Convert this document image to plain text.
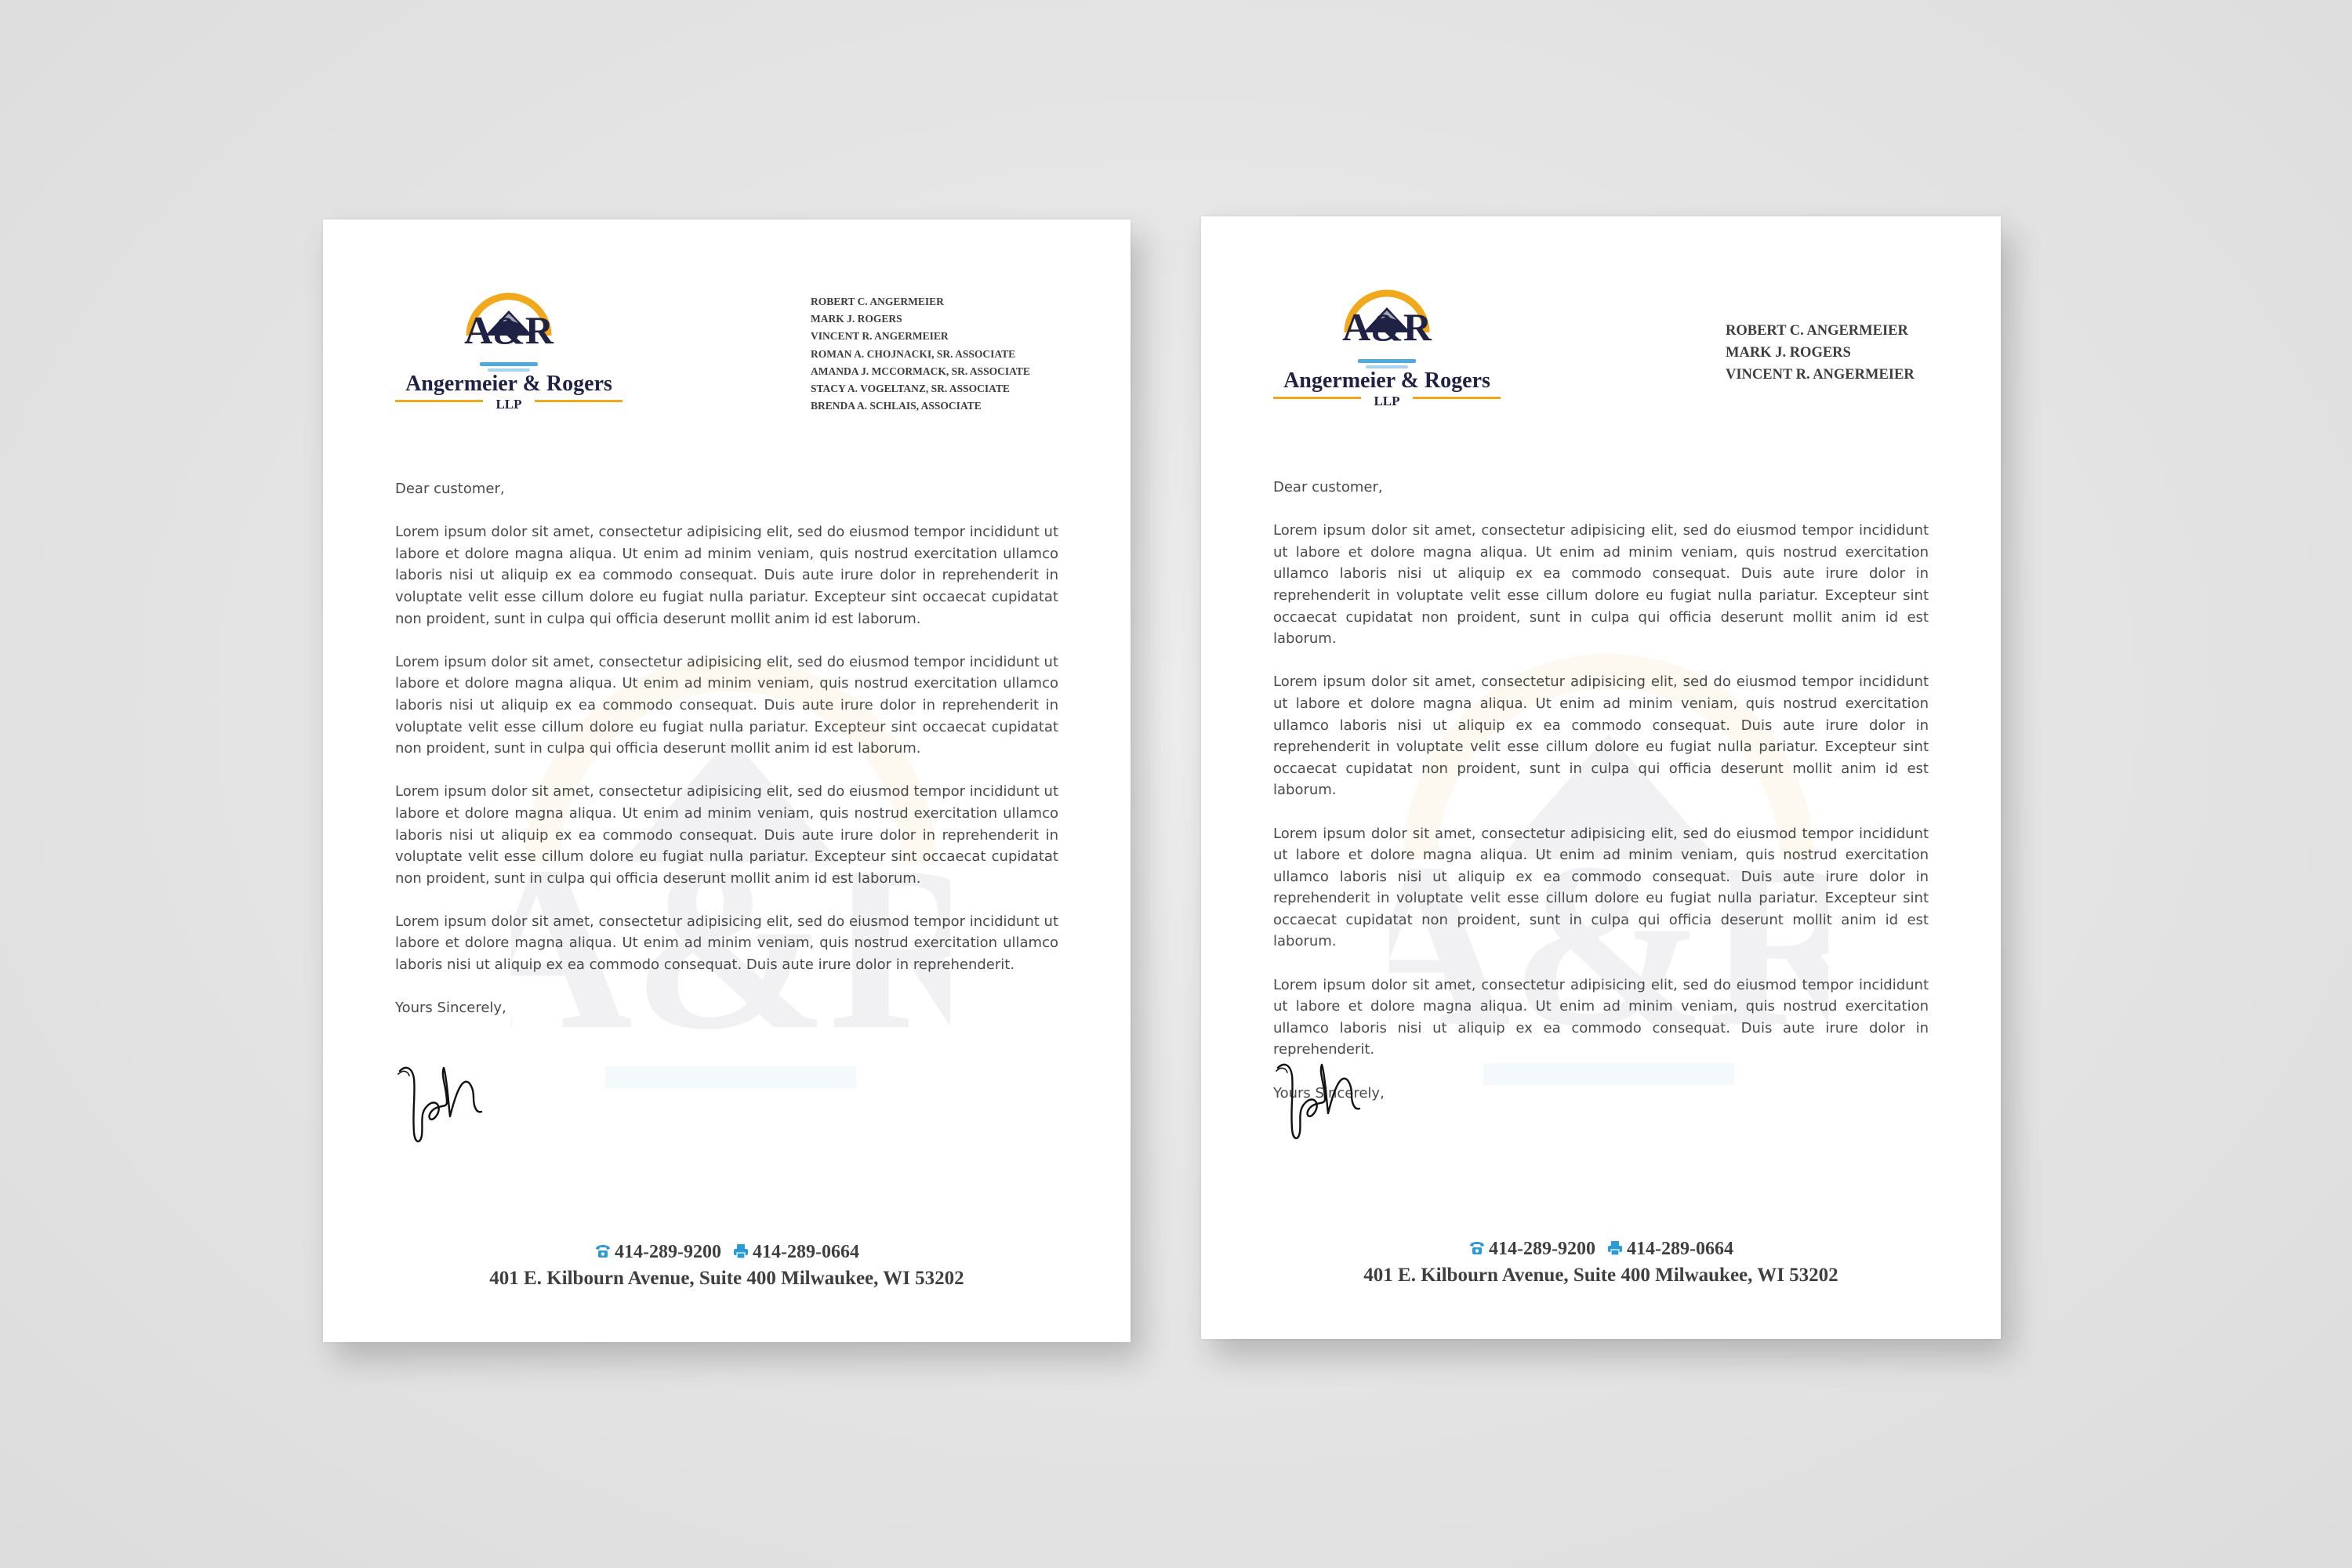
&
A&R
Angermeier & Rogers
LLP
ROBERT C. ANGERMEIER
MARK J. ROGERS
VINCENT R. ANGERMEIER
ROMAN A. CHOJNACKI, SR. ASSOCIATE
AMANDA J. MCCORMACK, SR. ASSOCIATE
STACY A. VOGELTANZ, SR. ASSOCIATE
BRENDA A. SCHLAIS, ASSOCIATE

Dear customer,

Lorem ipsum dolor sit amet, consectetur adipisicing elit, sed do eiusmod tempor incididunt ut labore et dolore magna aliqua. Ut enim ad minim veniam, quis nostrud exercitation ullamco laboris nisi ut aliquip ex ea commodo consequat. Duis aute irure dolor in reprehenderit in voluptate velit esse cillum dolore eu fugiat nulla pariatur. Excepteur sint occaecat cupidatat non proident, sunt in culpa qui officia deserunt mollit anim id est laborum.

Lorem ipsum dolor sit amet, consectetur adipisicing elit, sed do eiusmod tempor incididunt ut labore et dolore magna aliqua. Ut enim ad minim veniam, quis nostrud exercitation ullamco laboris nisi ut aliquip ex ea commodo consequat. Duis aute irure dolor in reprehenderit in voluptate velit esse cillum dolore eu fugiat nulla pariatur. Excepteur sint occaecat cupidatat non proident, sunt in culpa qui officia deserunt mollit anim id est laborum.

Lorem ipsum dolor sit amet, consectetur adipisicing elit, sed do eiusmod tempor incididunt ut labore et dolore magna aliqua. Ut enim ad minim veniam, quis nostrud exercitation ullamco laboris nisi ut aliquip ex ea commodo consequat. Duis aute irure dolor in reprehenderit in voluptate velit esse cillum dolore eu fugiat nulla pariatur. Excepteur sint occaecat cupidatat non proident, sunt in culpa qui officia deserunt mollit anim id est laborum.

Lorem ipsum dolor sit amet, consectetur adipisicing elit, sed do eiusmod tempor incididunt ut labore et dolore magna aliqua. Ut enim ad minim veniam, quis nostrud exercitation ullamco laboris nisi ut aliquip ex ea commodo consequat. Duis aute irure dolor in reprehenderit.

Yours Sincerely,

414-289-9200 414-289-0664
401 E. Kilbourn Avenue, Suite 400 Milwaukee, WI 53202
&
A&R
Angermeier & Rogers
LLP
ROBERT C. ANGERMEIER
MARK J. ROGERS
VINCENT R. ANGERMEIER

Dear customer,

Lorem ipsum dolor sit amet, consectetur adipisicing elit, sed do eiusmod tempor incididunt ut labore et dolore magna aliqua. Ut enim ad minim veniam, quis nostrud exercitation ullamco laboris nisi ut aliquip ex ea commodo consequat. Duis aute irure dolor in reprehenderit in voluptate velit esse cillum dolore eu fugiat nulla pariatur. Excepteur sint occaecat cupidatat non proident, sunt in culpa qui officia deserunt mollit anim id est laborum.

Lorem ipsum dolor sit amet, consectetur adipisicing elit, sed do eiusmod tempor incididunt ut labore et dolore magna aliqua. Ut enim ad minim veniam, quis nostrud exercitation ullamco laboris nisi ut aliquip ex ea commodo consequat. Duis aute irure dolor in reprehenderit in voluptate velit esse cillum dolore eu fugiat nulla pariatur. Excepteur sint occaecat cupidatat non proident, sunt in culpa qui officia deserunt mollit anim id est laborum.

Lorem ipsum dolor sit amet, consectetur adipisicing elit, sed do eiusmod tempor incididunt ut labore et dolore magna aliqua. Ut enim ad minim veniam, quis nostrud exercitation ullamco laboris nisi ut aliquip ex ea commodo consequat. Duis aute irure dolor in reprehenderit in voluptate velit esse cillum dolore eu fugiat nulla pariatur. Excepteur sint occaecat cupidatat non proident, sunt in culpa qui officia deserunt mollit anim id est laborum.

Lorem ipsum dolor sit amet, consectetur adipisicing elit, sed do eiusmod tempor incididunt ut labore et dolore magna aliqua. Ut enim ad minim veniam, quis nostrud exercitation ullamco laboris nisi ut aliquip ex ea commodo consequat. Duis aute irure dolor in reprehenderit.

Yours Sincerely,

414-289-9200 414-289-0664
401 E. Kilbourn Avenue, Suite 400 Milwaukee, WI 53202
